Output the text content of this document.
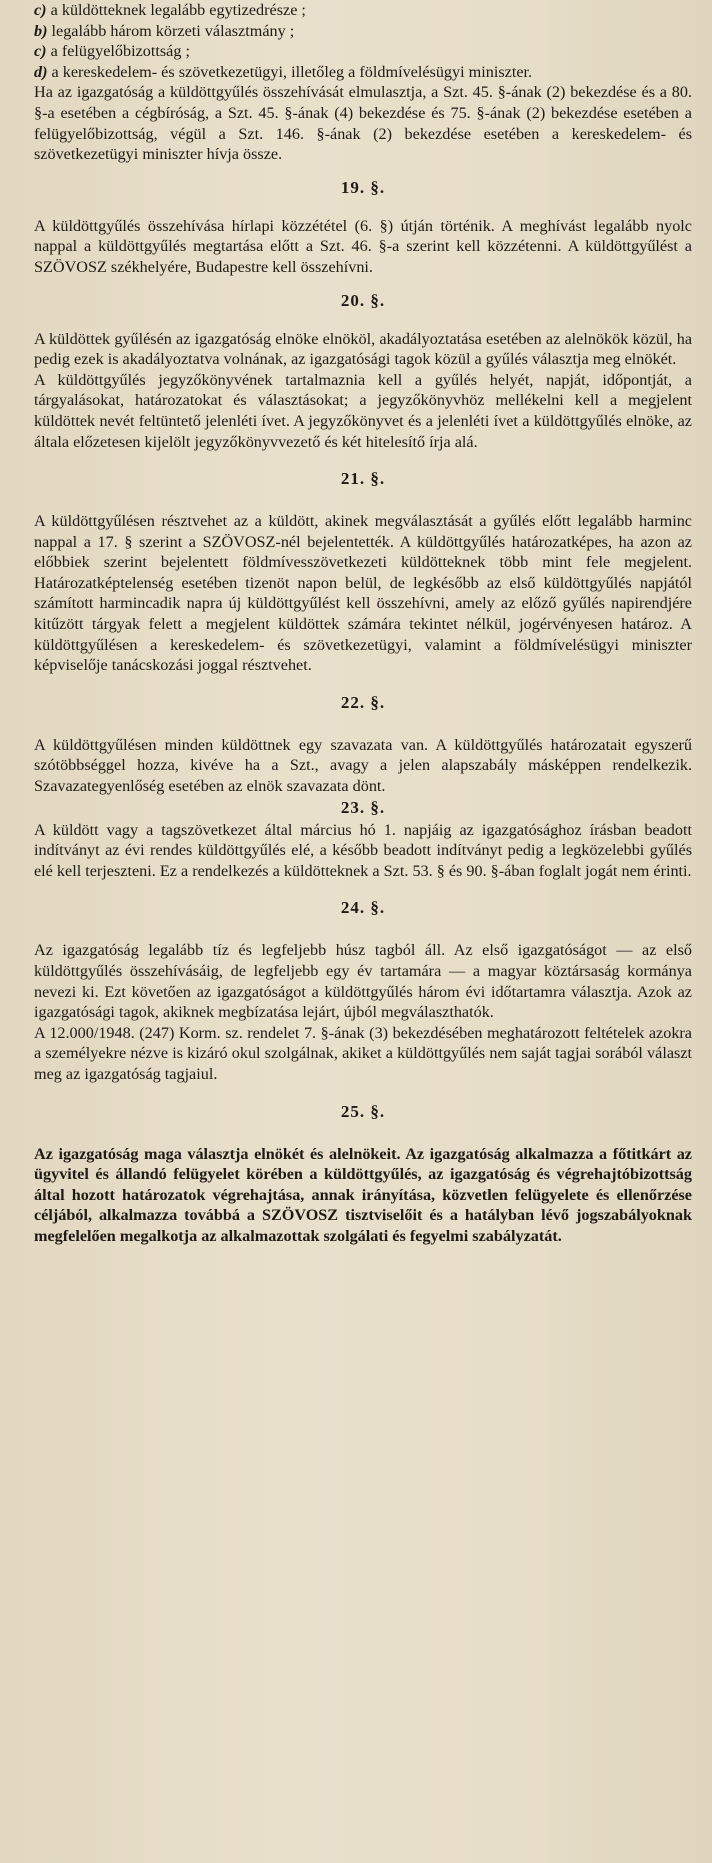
c) a küldötteknek legalább egytizedrésze ;

b) legalább három körzeti választmány ;

c) a felügyelőbizottság ;

d) a kereskedelem- és szövetkezetügyi, illetőleg a földmívelésügyi miniszter.

Ha az igazgatóság a küldöttgyűlés összehívását elmulasztja, a Szt. 45. §-ának (2) bekezdése és a 80. §-a esetében a cégbíróság, a Szt. 45. §-ának (4) bekezdése és 75. §-ának (2) bekezdése esetében a felügyelőbizottság, végül a Szt. 146. §-ának (2) bekezdése esetében a kereskedelem- és szövetkezetügyi miniszter hívja össze.

19. §.

A küldöttgyűlés összehívása hírlapi közzététel (6. §) útján történik. A meghívást legalább nyolc nappal a küldöttgyűlés megtartása előtt a Szt. 46. §-a szerint kell közzétenni. A küldöttgyűlést a SZÖVOSZ székhelyére, Budapestre kell összehívni.

20. §.

A küldöttek gyűlésén az igazgatóság elnöke elnököl, akadályoztatása esetében az alelnökök közül, ha pedig ezek is akadályoztatva volnának, az igazgatósági tagok közül a gyűlés választja meg elnökét.

A küldöttgyűlés jegyzőkönyvének tartalmaznia kell a gyűlés helyét, napját, időpontját, a tárgyalásokat, határozatokat és választásokat; a jegyzőkönyvhöz mellékelni kell a megjelent küldöttek nevét feltüntető jelenléti ívet. A jegyzőkönyvet és a jelenléti ívet a küldöttgyűlés elnöke, az általa előzetesen kijelölt jegyzőkönyvvezető és két hitelesítő írja alá.

21. §.

A küldöttgyűlésen résztvehet az a küldött, akinek megválasztását a gyűlés előtt legalább harminc nappal a 17. § szerint a SZÖVOSZ-nél bejelentették. A küldöttgyűlés határozatképes, ha azon az előbbiek szerint bejelentett földmívesszövetkezeti küldötteknek több mint fele megjelent. Határozatképtelenség esetében tizenöt napon belül, de legkésőbb az első küldöttgyűlés napjától számított harmincadik napra új küldöttgyűlést kell összehívni, amely az előző gyűlés napirendjére kitűzött tárgyak felett a megjelent küldöttek számára tekintet nélkül, jogérvényesen határoz. A küldöttgyűlésen a kereskedelem- és szövetkezetügyi, valamint a földmívelésügyi miniszter képviselője tanácskozási joggal résztvehet.

22. §.

A küldöttgyűlésen minden küldöttnek egy szavazata van. A küldöttgyűlés határozatait egyszerű szótöbbséggel hozza, kivéve ha a Szt., avagy a jelen alapszabály másképpen rendelkezik. Szavazategyenlőség esetében az elnök szavazata dönt.

23. §.

A küldött vagy a tagszövetkezet által március hó 1. napjáig az igazgatósághoz írásban beadott indítványt az évi rendes küldöttgyűlés elé, a később beadott indítványt pedig a legközelebbi gyűlés elé kell terjeszteni. Ez a rendelkezés a küldötteknek a Szt. 53. § és 90. §-ában foglalt jogát nem érinti.

24. §.

Az igazgatóság legalább tíz és legfeljebb húsz tagból áll. Az első igazgatóságot — az első küldöttgyűlés összehívásáig, de legfeljebb egy év tartamára — a magyar köztársaság kormánya nevezi ki. Ezt követően az igazgatóságot a küldöttgyűlés három évi időtartamra választja. Azok az igazgatósági tagok, akiknek megbízatása lejárt, újból megválaszthatók.

A 12.000/1948. (247) Korm. sz. rendelet 7. §-ának (3) bekezdésében meghatározott feltételek azokra a személyekre nézve is kizáró okul szolgálnak, akiket a küldöttgyűlés nem saját tagjai sorából választ meg az igazgatóság tagjaiul.

25. §.

Az igazgatóság maga választja elnökét és alelnökeit. Az igazgatóság alkalmazza a főtitkárt az ügyvitel és állandó felügyelet körében a küldöttgyűlés, az igazgatóság és végrehajtóbizottság által hozott határozatok végrehajtása, annak irányítása, közvetlen felügyelete és ellenőrzése céljából, alkalmazza továbbá a SZÖVOSZ tisztviselőit és a hatályban lévő jogszabályoknak megfelelően megalkotja az alkalmazottak szolgálati és fegyelmi szabályzatát.
